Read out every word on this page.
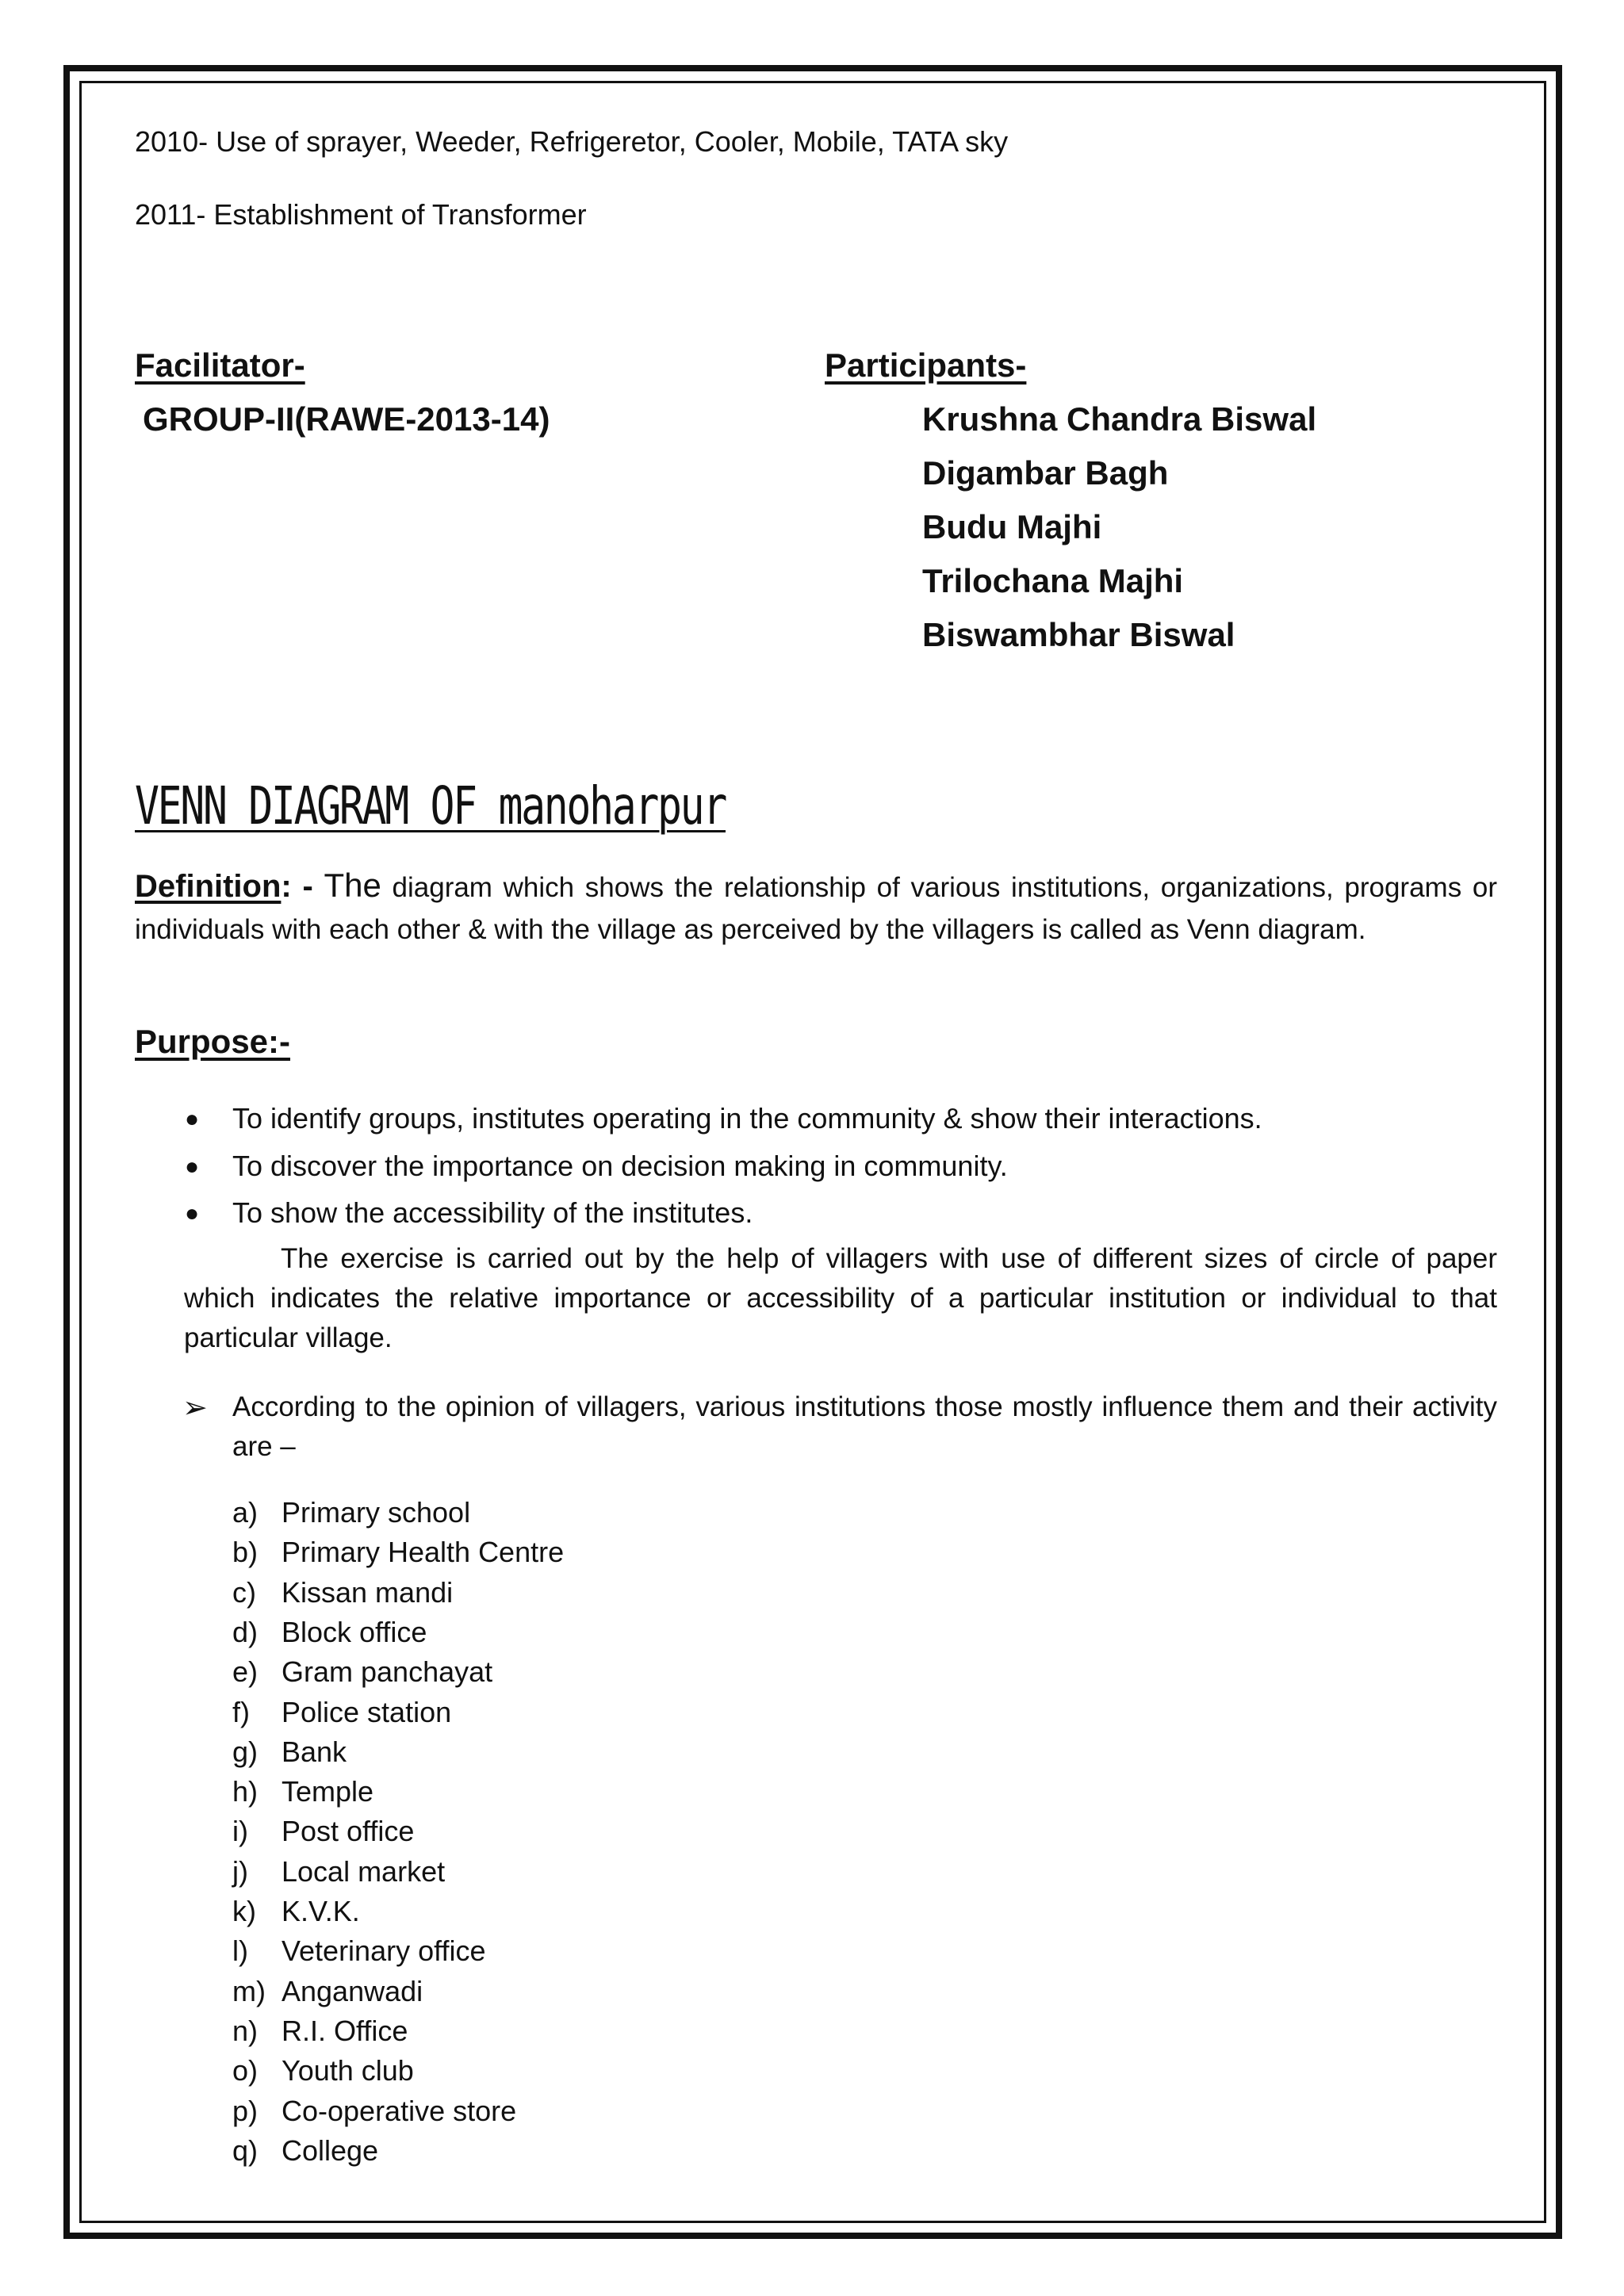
2010- Use of sprayer, Weeder, Refrigeretor, Cooler, Mobile, TATA sky
2011- Establishment of Transformer
Facilitator-
GROUP-II(RAWE-2013-14)
Participants-
Krushna Chandra Biswal
Digambar Bagh
Budu Majhi
Trilochana Majhi
Biswambhar Biswal
VENN DIAGRAM OF manoharpur
Definition: - The diagram which shows the relationship of various institutions, organizations, programs or individuals with each other & with the village as perceived by the villagers is called as Venn diagram.
Purpose:-
● To identify groups, institutes operating in the community & show their interactions.
● To discover the importance on decision making in community.
● To show the accessibility of the institutes.
The exercise is carried out by the help of villagers with use of different sizes of circle of paper which indicates the relative importance or accessibility of a particular institution or individual to that particular village.
➢ According to the opinion of villagers, various institutions those mostly influence them and their activity are –
a) Primary school
b) Primary Health Centre
c) Kissan mandi
d) Block office
e) Gram panchayat
f) Police station
g) Bank
h) Temple
i) Post office
j) Local market
k) K.V.K.
l) Veterinary office
m) Anganwadi
n) R.I. Office
o) Youth club
p) Co-operative store
q) College
